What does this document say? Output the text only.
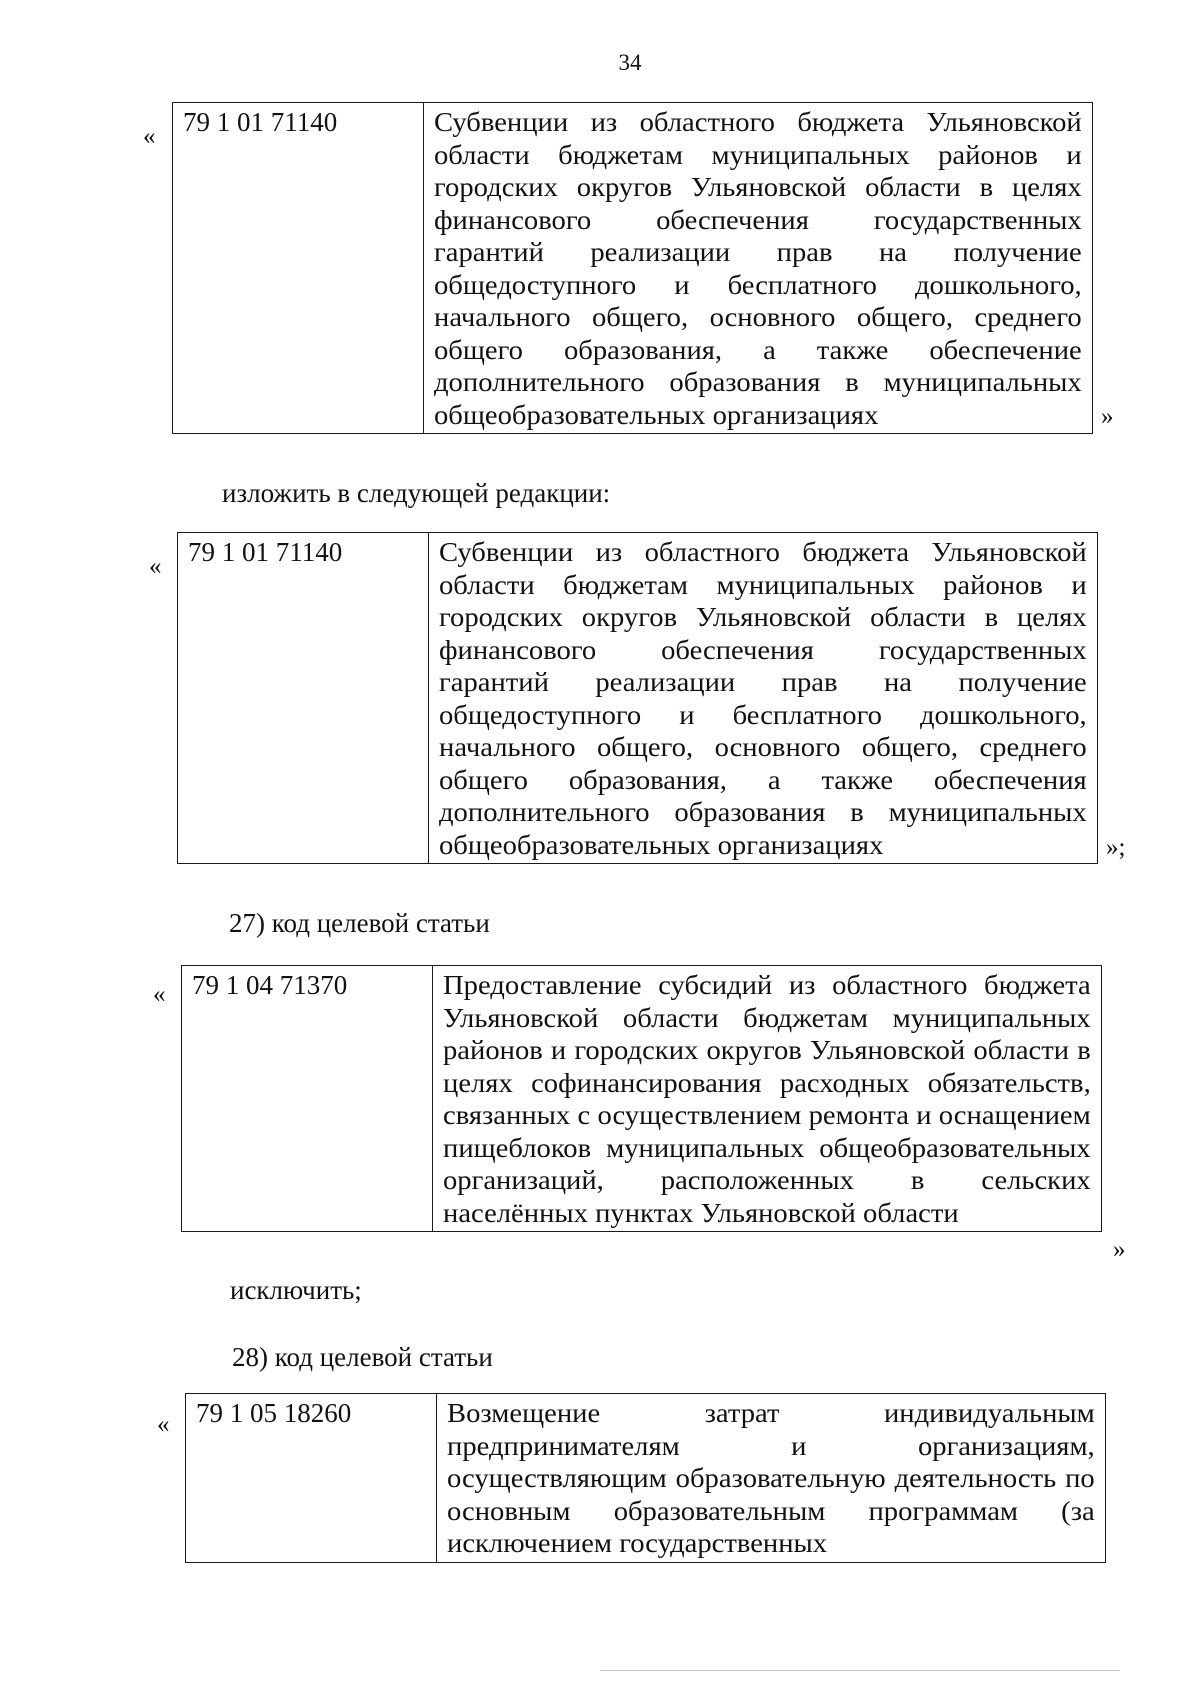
34
« 79 1 01 71140	Субвенции из областного бюджета Ульяновской области бюджетам муниципальных районов и городских округов Ульяновской области в целях финансового обеспечения государственных гарантий реализации прав на получение общедоступного и бесплатного дошкольного, начального общего, основного общего, среднего общего образования, а также обеспечение дополнительного образования в муниципальных общеобразовательных организациях	»
изложить в следующей редакции:
« 79 1 01 71140	Субвенции из областного бюджета Ульяновской области бюджетам муниципальных районов и городских округов Ульяновской области в целях финансового обеспечения государственных гарантий реализации прав на получение общедоступного и бесплатного дошкольного, начального общего, основного общего, среднего общего образования, а также обеспечения дополнительного образования в муниципальных общеобразовательных организациях	»;
27) код целевой статьи
« 79 1 04 71370	Предоставление субсидий из областного бюджета Ульяновской области бюджетам муниципальных районов и городских округов Ульяновской области в целях софинансирования расходных обязательств, связанных с осуществлением ремонта и оснащением пищеблоков муниципальных общеобразовательных организаций, расположенных в сельских населённых пунктах Ульяновской области
»
исключить;
28) код целевой статьи
« 79 1 05 18260	Возмещение затрат индивидуальным предпринимателям и организациям, осуществляющим образовательную деятельность по основным образовательным программам (за исключением государственных
